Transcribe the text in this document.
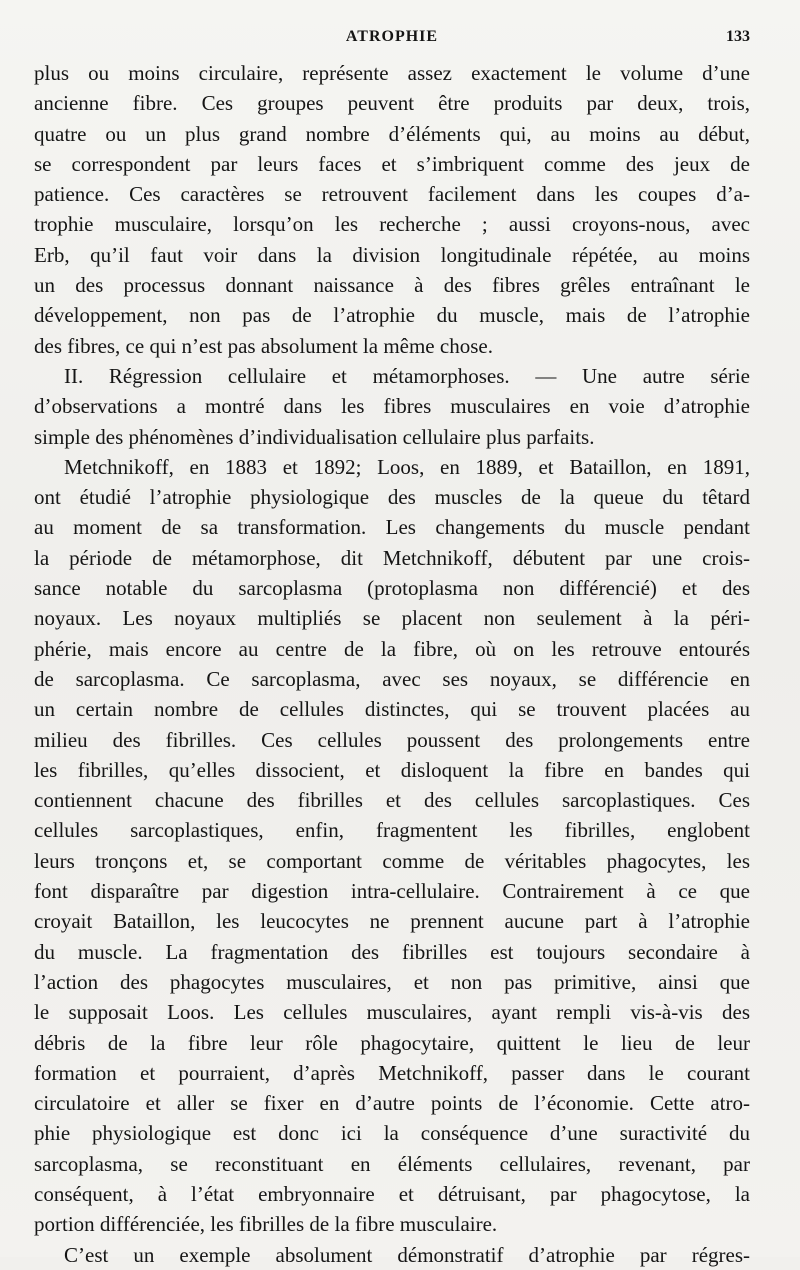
ATROPHIE	133
plus ou moins circulaire, représente assez exactement le volume d’une
ancienne fibre. Ces groupes peuvent être produits par deux, trois,
quatre ou un plus grand nombre d’éléments qui, au moins au début,
se correspondent par leurs faces et s’imbriquent comme des jeux de
patience. Ces caractères se retrouvent facilement dans les coupes d’a-
trophie musculaire, lorsqu’on les recherche ; aussi croyons-nous, avec
Erb, qu’il faut voir dans la division longitudinale répétée, au moins
un des processus donnant naissance à des fibres grêles entraînant le
développement, non pas de l’atrophie du muscle, mais de l’atrophie
des fibres, ce qui n’est pas absolument la même chose.
II. Régression cellulaire et métamorphoses. — Une autre série
d’observations a montré dans les fibres musculaires en voie d’atrophie
simple des phénomènes d’individualisation cellulaire plus parfaits.
Metchnikoff, en 1883 et 1892; Loos, en 1889, et Bataillon, en 1891,
ont étudié l’atrophie physiologique des muscles de la queue du têtard
au moment de sa transformation. Les changements du muscle pendant
la période de métamorphose, dit Metchnikoff, débutent par une crois-
sance notable du sarcoplasma (protoplasma non différencié) et des
noyaux. Les noyaux multipliés se placent non seulement à la péri-
phérie, mais encore au centre de la fibre, où on les retrouve entourés
de sarcoplasma. Ce sarcoplasma, avec ses noyaux, se différencie en
un certain nombre de cellules distinctes, qui se trouvent placées au
milieu des fibrilles. Ces cellules poussent des prolongements entre
les fibrilles, qu’elles dissocient, et disloquent la fibre en bandes qui
contiennent chacune des fibrilles et des cellules sarcoplastiques. Ces
cellules sarcoplastiques, enfin, fragmentent les fibrilles, englobent
leurs tronçons et, se comportant comme de véritables phagocytes, les
font disparaître par digestion intra-cellulaire. Contrairement à ce que
croyait Bataillon, les leucocytes ne prennent aucune part à l’atrophie
du muscle. La fragmentation des fibrilles est toujours secondaire à
l’action des phagocytes musculaires, et non pas primitive, ainsi que
le supposait Loos. Les cellules musculaires, ayant rempli vis-à-vis des
débris de la fibre leur rôle phagocytaire, quittent le lieu de leur
formation et pourraient, d’après Metchnikoff, passer dans le courant
circulatoire et aller se fixer en d’autre points de l’économie. Cette atro-
phie physiologique est donc ici la conséquence d’une suractivité du
sarcoplasma, se reconstituant en éléments cellulaires, revenant, par
conséquent, à l’état embryonnaire et détruisant, par phagocytose, la
portion différenciée, les fibrilles de la fibre musculaire.
C’est un exemple absolument démonstratif d’atrophie par régres-
